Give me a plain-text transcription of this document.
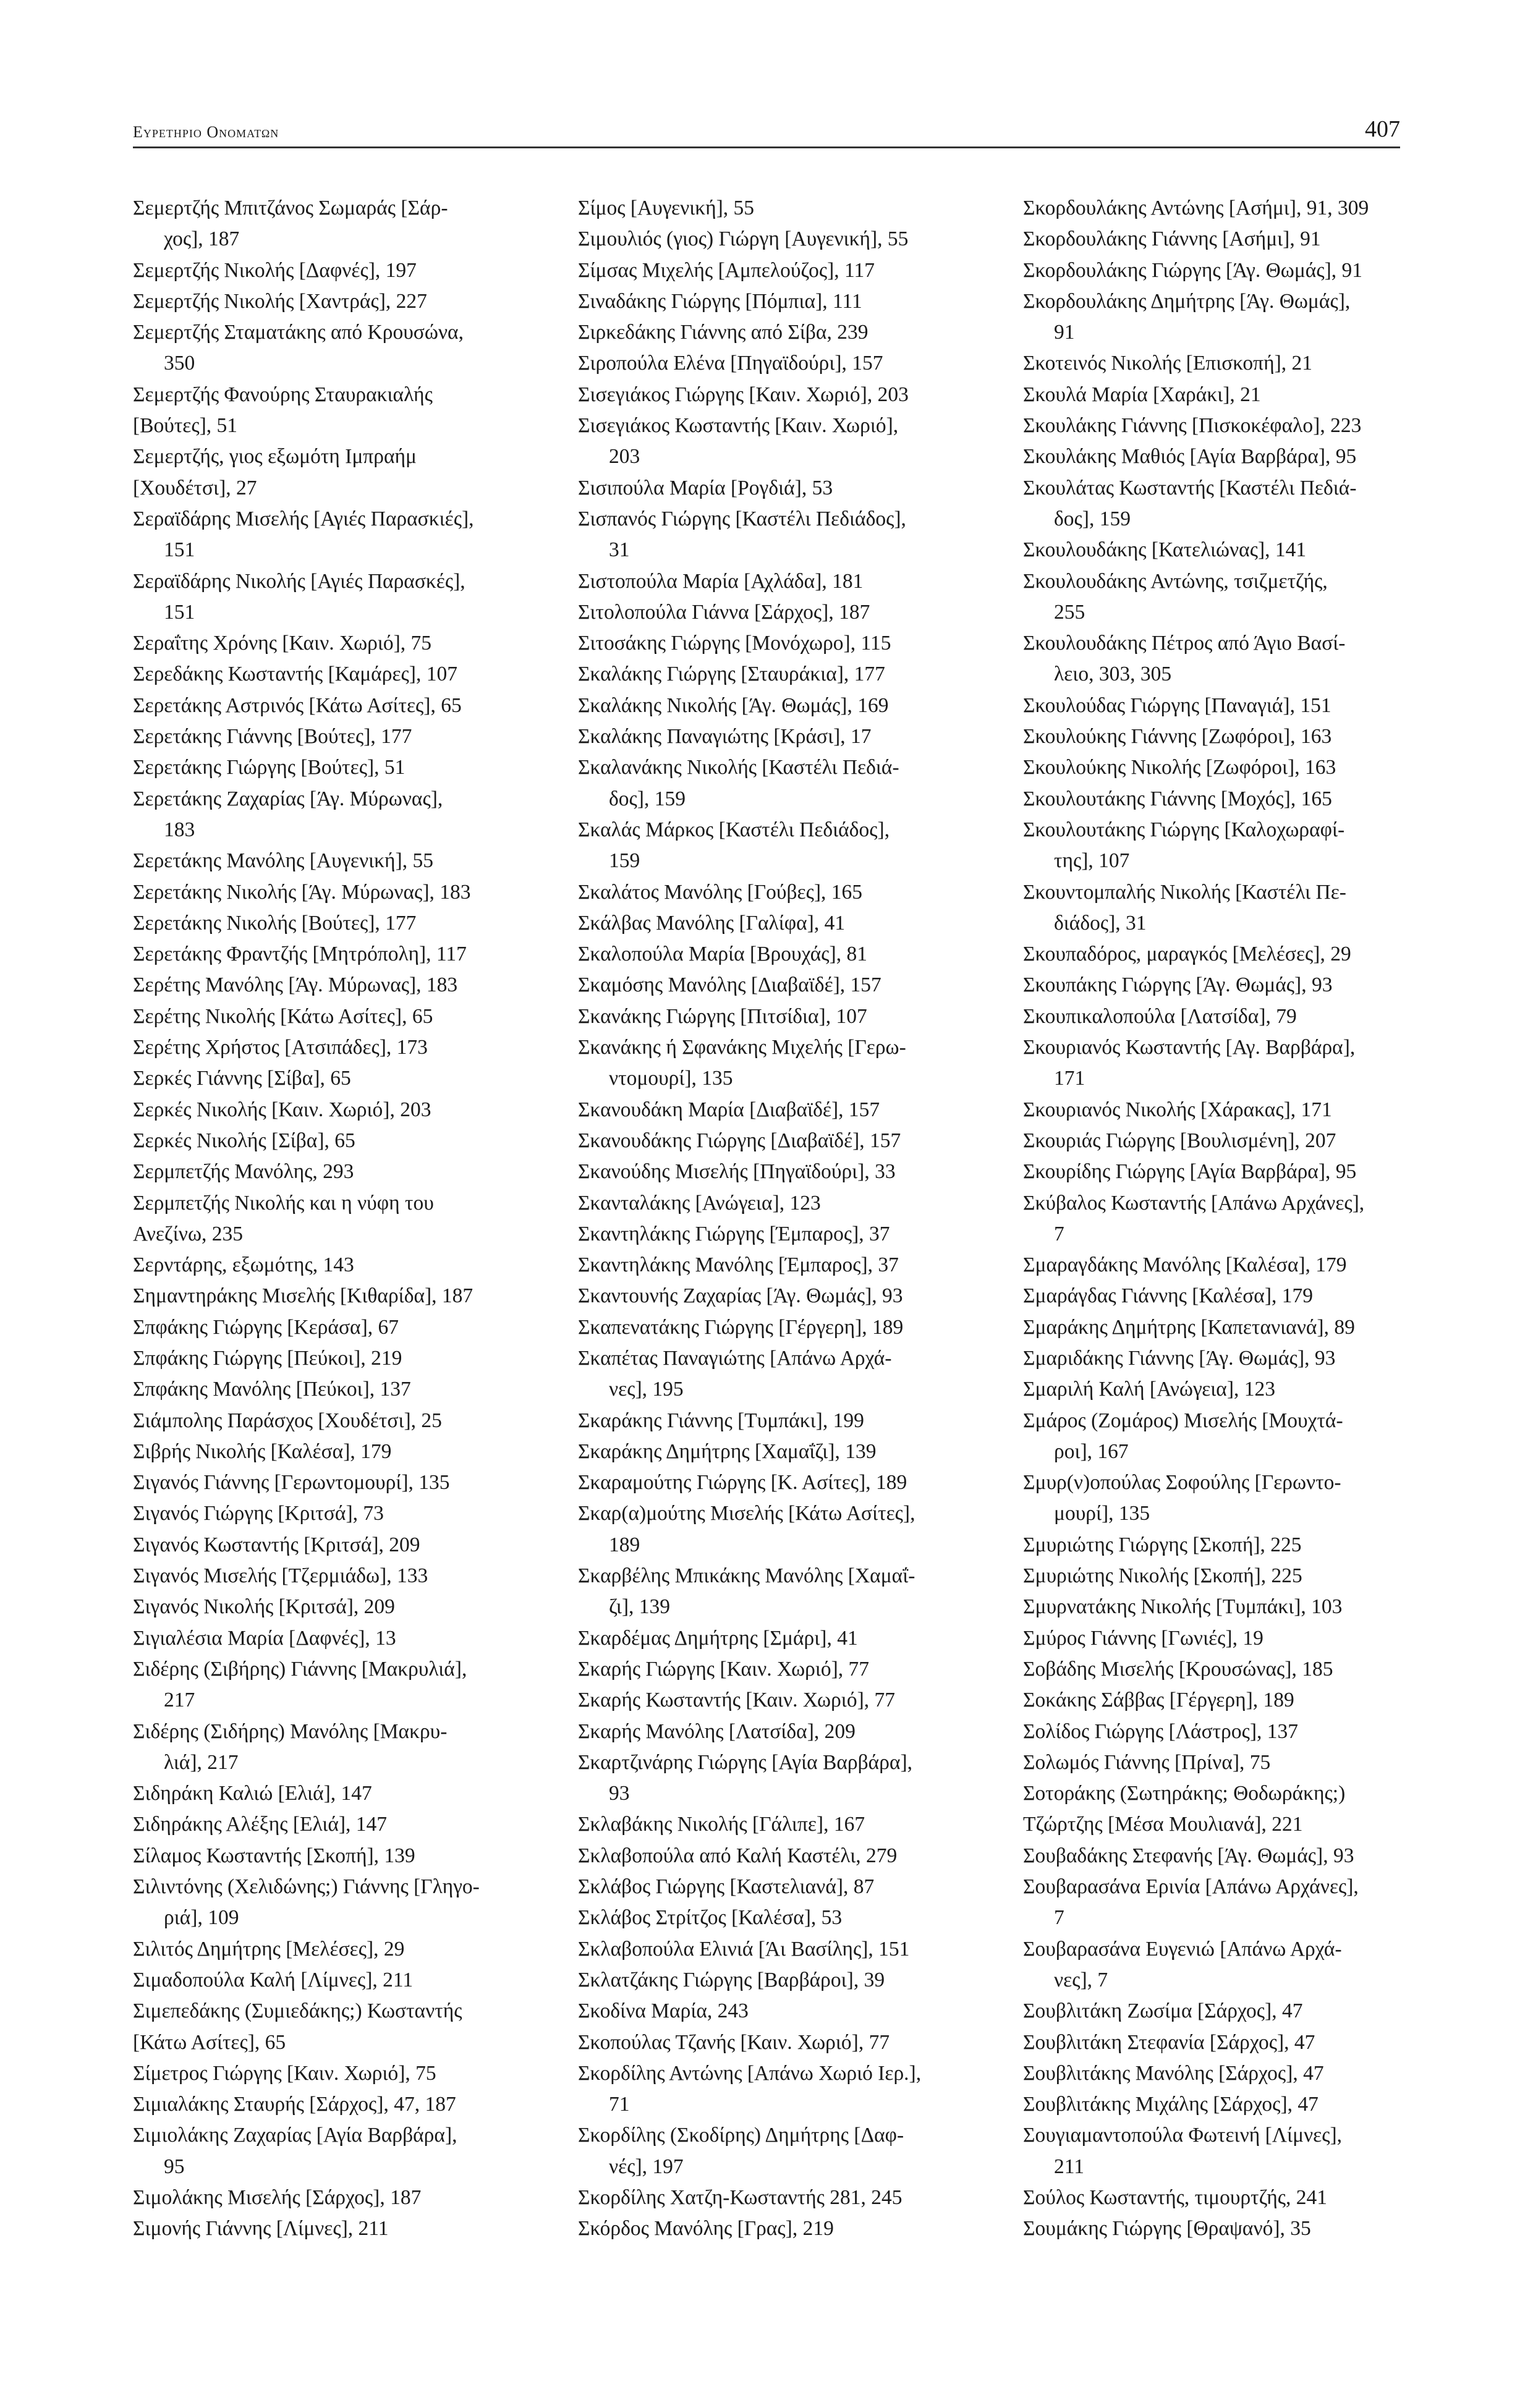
Ευρετηριο Ονοματων	407
Σεμερτζής Μπιτζάνος Σωμαράς [Σάρ-
χος], 187
Σεμερτζής Νικολής [Δαφνές], 197
Σεμερτζής Νικολής [Χαντράς], 227
Σεμερτζής Σταματάκης από Κρουσώνα,
350
Σεμερτζής Φανούρης Σταυρακιαλής
[Βούτες], 51
Σεμερτζής, γιος εξωμότη Ιμπραήμ
[Χουδέτσι], 27
Σεραϊδάρης Μισελής [Αγιές Παρασκιές],
151
Σεραϊδάρης Νικολής [Αγιές Παρασκές],
151
Σεραΐτης Χρόνης [Καιν. Χωριό], 75
Σερεδάκης Κωσταντής [Καμάρες], 107
Σερετάκης Αστρινός [Κάτω Ασίτες], 65
Σερετάκης Γιάννης [Βούτες], 177
Σερετάκης Γιώργης [Βούτες], 51
Σερετάκης Ζαχαρίας [Άγ. Μύρωνας],
183
Σερετάκης Μανόλης [Αυγενική], 55
Σερετάκης Νικολής [Άγ. Μύρωνας], 183
Σερετάκης Νικολής [Βούτες], 177
Σερετάκης Φραντζής [Μητρόπολη], 117
Σερέτης Μανόλης [Άγ. Μύρωνας], 183
Σερέτης Νικολής [Κάτω Ασίτες], 65
Σερέτης Χρήστος [Ατσιπάδες], 173
Σερκές Γιάννης [Σίβα], 65
Σερκές Νικολής [Καιν. Χωριό], 203
Σερκές Νικολής [Σίβα], 65
Σερμπετζής Μανόλης, 293
Σερμπετζής Νικολής και η νύφη του
Ανεζίνω, 235
Σερντάρης, εξωμότης, 143
Σημαντηράκης Μισελής [Κιθαρίδα], 187
Σπφάκης Γιώργης [Κεράσα], 67
Σπφάκης Γιώργης [Πεύκοι], 219
Σπφάκης Μανόλης [Πεύκοι], 137
Σιάμπολης Παράσχος [Χουδέτσι], 25
Σιβρής Νικολής [Καλέσα], 179
Σιγανός Γιάννης [Γερωντομουρί], 135
Σιγανός Γιώργης [Κριτσά], 73
Σιγανός Κωσταντής [Κριτσά], 209
Σιγανός Μισελής [Τζερμιάδω], 133
Σιγανός Νικολής [Κριτσά], 209
Σιγιαλέσια Μαρία [Δαφνές], 13
Σιδέρης (Σιβήρης) Γιάννης [Μακρυλιά],
217
Σιδέρης (Σιδήρης) Μανόλης [Μακρυ-
λιά], 217
Σιδηράκη Καλιώ [Ελιά], 147
Σιδηράκης Αλέξης [Ελιά], 147
Σίλαμος Κωσταντής [Σκοπή], 139
Σιλιντόνης (Χελιδώνης;) Γιάννης [Γληγο-
ριά], 109
Σιλιτός Δημήτρης [Μελέσες], 29
Σιμαδοπούλα Καλή [Λίμνες], 211
Σιμεπεδάκης (Συμιεδάκης;) Κωσταντής
[Κάτω Ασίτες], 65
Σίμετρος Γιώργης [Καιν. Χωριό], 75
Σιμιαλάκης Σταυρής [Σάρχος], 47, 187
Σιμιολάκης Ζαχαρίας [Αγία Βαρβάρα],
95
Σιμολάκης Μισελής [Σάρχος], 187
Σιμονής Γιάννης [Λίμνες], 211
Σίμος [Αυγενική], 55
Σιμουλιός (γιος) Γιώργη [Αυγενική], 55
Σίμσας Μιχελής [Αμπελούζος], 117
Σιναδάκης Γιώργης [Πόμπια], 111
Σιρκεδάκης Γιάννης από Σίβα, 239
Σιροπούλα Ελένα [Πηγαϊδούρι], 157
Σισεγιάκος Γιώργης [Καιν. Χωριό], 203
Σισεγιάκος Κωσταντής [Καιν. Χωριό],
203
Σισιπούλα Μαρία [Ρογδιά], 53
Σισπανός Γιώργης [Καστέλι Πεδιάδος],
31
Σιστοπούλα Μαρία [Αχλάδα], 181
Σιτολοπούλα Γιάννα [Σάρχος], 187
Σιτοσάκης Γιώργης [Μονόχωρο], 115
Σκαλάκης Γιώργης [Σταυράκια], 177
Σκαλάκης Νικολής [Άγ. Θωμάς], 169
Σκαλάκης Παναγιώτης [Κράσι], 17
Σκαλανάκης Νικολής [Καστέλι Πεδιά-
δος], 159
Σκαλάς Μάρκος [Καστέλι Πεδιάδος],
159
Σκαλάτος Μανόλης [Γούβες], 165
Σκάλβας Μανόλης [Γαλίφα], 41
Σκαλοπούλα Μαρία [Βρουχάς], 81
Σκαμόσης Μανόλης [Διαβαϊδέ], 157
Σκανάκης Γιώργης [Πιτσίδια], 107
Σκανάκης ή Σφανάκης Μιχελής [Γερω-
ντομουρί], 135
Σκανουδάκη Μαρία [Διαβαϊδέ], 157
Σκανουδάκης Γιώργης [Διαβαϊδέ], 157
Σκανούδης Μισελής [Πηγαϊδούρι], 33
Σκανταλάκης [Ανώγεια], 123
Σκαντηλάκης Γιώργης [Έμπαρος], 37
Σκαντηλάκης Μανόλης [Έμπαρος], 37
Σκαντουνής Ζαχαρίας [Άγ. Θωμάς], 93
Σκαπενατάκης Γιώργης [Γέργερη], 189
Σκαπέτας Παναγιώτης [Απάνω Αρχά-
νες], 195
Σκαράκης Γιάννης [Τυμπάκι], 199
Σκαράκης Δημήτρης [Χαμαΐζι], 139
Σκαραμούτης Γιώργης [Κ. Ασίτες], 189
Σκαρ(α)μούτης Μισελής [Κάτω Ασίτες],
189
Σκαρβέλης Μπικάκης Μανόλης [Χαμαΐ-
ζι], 139
Σκαρδέμας Δημήτρης [Σμάρι], 41
Σκαρής Γιώργης [Καιν. Χωριό], 77
Σκαρής Κωσταντής [Καιν. Χωριό], 77
Σκαρής Μανόλης [Λατσίδα], 209
Σκαρτζινάρης Γιώργης [Αγία Βαρβάρα],
93
Σκλαβάκης Νικολής [Γάλιπε], 167
Σκλαβοπούλα από Καλή Καστέλι, 279
Σκλάβος Γιώργης [Καστελιανά], 87
Σκλάβος Στρίτζος [Καλέσα], 53
Σκλαβοπούλα Ελινιά [Άι Βασίλης], 151
Σκλατζάκης Γιώργης [Βαρβάροι], 39
Σκοδίνα Μαρία, 243
Σκοπούλας Τζανής [Καιν. Χωριό], 77
Σκορδίλης Αντώνης [Απάνω Χωριό Ιερ.],
71
Σκορδίλης (Σκοδίρης) Δημήτρης [Δαφ-
νές], 197
Σκορδίλης Χατζη-Κωσταντής 281, 245
Σκόρδος Μανόλης [Γρας], 219
Σκορδουλάκης Αντώνης [Ασήμι], 91, 309
Σκορδουλάκης Γιάννης [Ασήμι], 91
Σκορδουλάκης Γιώργης [Άγ. Θωμάς], 91
Σκορδουλάκης Δημήτρης [Άγ. Θωμάς],
91
Σκοτεινός Νικολής [Επισκοπή], 21
Σκουλά Μαρία [Χαράκι], 21
Σκουλάκης Γιάννης [Πισκοκέφαλο], 223
Σκουλάκης Μαθιός [Αγία Βαρβάρα], 95
Σκουλάτας Κωσταντής [Καστέλι Πεδιά-
δος], 159
Σκουλουδάκης [Κατελιώνας], 141
Σκουλουδάκης Αντώνης, τσιζμετζής,
255
Σκουλουδάκης Πέτρος από Άγιο Βασί-
λειο, 303, 305
Σκουλούδας Γιώργης [Παναγιά], 151
Σκουλούκης Γιάννης [Ζωφόροι], 163
Σκουλούκης Νικολής [Ζωφόροι], 163
Σκουλουτάκης Γιάννης [Μοχός], 165
Σκουλουτάκης Γιώργης [Καλοχωραφί-
της], 107
Σκουντομπαλής Νικολής [Καστέλι Πε-
διάδος], 31
Σκουπαδόρος, μαραγκός [Μελέσες], 29
Σκουπάκης Γιώργης [Άγ. Θωμάς], 93
Σκουπικαλοπούλα [Λατσίδα], 79
Σκουριανός Κωσταντής [Αγ. Βαρβάρα],
171
Σκουριανός Νικολής [Χάρακας], 171
Σκουριάς Γιώργης [Βουλισμένη], 207
Σκουρίδης Γιώργης [Αγία Βαρβάρα], 95
Σκύβαλος Κωσταντής [Απάνω Αρχάνες],
7
Σμαραγδάκης Μανόλης [Καλέσα], 179
Σμαράγδας Γιάννης [Καλέσα], 179
Σμαράκης Δημήτρης [Καπετανιανά], 89
Σμαριδάκης Γιάννης [Άγ. Θωμάς], 93
Σμαριλή Καλή [Ανώγεια], 123
Σμάρος (Ζομάρος) Μισελής [Μουχτά-
ροι], 167
Σμυρ(ν)οπούλας Σοφούλης [Γερωντο-
μουρί], 135
Σμυριώτης Γιώργης [Σκοπή], 225
Σμυριώτης Νικολής [Σκοπή], 225
Σμυρνατάκης Νικολής [Τυμπάκι], 103
Σμύρος Γιάννης [Γωνιές], 19
Σοβάδης Μισελής [Κρουσώνας], 185
Σοκάκης Σάββας [Γέργερη], 189
Σολίδος Γιώργης [Λάστρος], 137
Σολωμός Γιάννης [Πρίνα], 75
Σοτοράκης (Σωτηράκης; Θοδωράκης;)
Τζώρτζης [Μέσα Μουλιανά], 221
Σουβαδάκης Στεφανής [Άγ. Θωμάς], 93
Σουβαρασάνα Ερινία [Απάνω Αρχάνες],
7
Σουβαρασάνα Ευγενιώ [Απάνω Αρχά-
νες], 7
Σουβλιτάκη Ζωσίμα [Σάρχος], 47
Σουβλιτάκη Στεφανία [Σάρχος], 47
Σουβλιτάκης Μανόλης [Σάρχος], 47
Σουβλιτάκης Μιχάλης [Σάρχος], 47
Σουγιαμαντοπούλα Φωτεινή [Λίμνες],
211
Σούλος Κωσταντής, τιμουρτζής, 241
Σουμάκης Γιώργης [Θραψανό], 35
